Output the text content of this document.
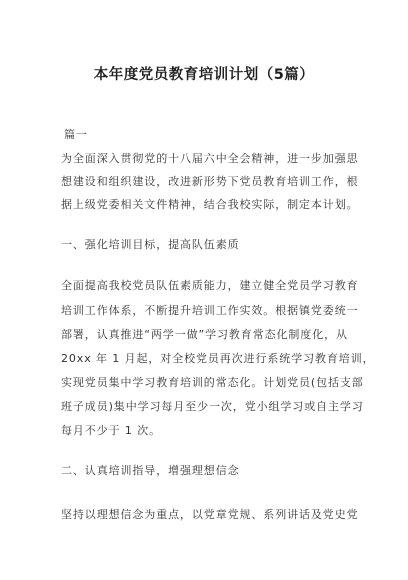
本年度党员教育培训计划（5篇）
篇一
为全面深入贯彻党的十八届六中全会精神，进一步加强思
想建设和组织建设，改进新形势下党员教育培训工作，根
据上级党委相关文件精神，结合我校实际，制定本计划。
一、强化培训目标，提高队伍素质
全面提高我校党员队伍素质能力，建立健全党员学习教育
培训工作体系，不断提升培训工作实效。根据镇党委统一
部署，认真推进“两学一做”学习教育常态化制度化，从
20xx 年 1 月起，对全校党员再次进行系统学习教育培训，
实现党员集中学习教育培训的常态化。计划党员(包括支部
班子成员)集中学习每月至少一次，党小组学习或自主学习
每月不少于 1 次。
二、认真培训指导，增强理想信念
坚持以理想信念为重点，以党章党规、系列讲话及党史党
